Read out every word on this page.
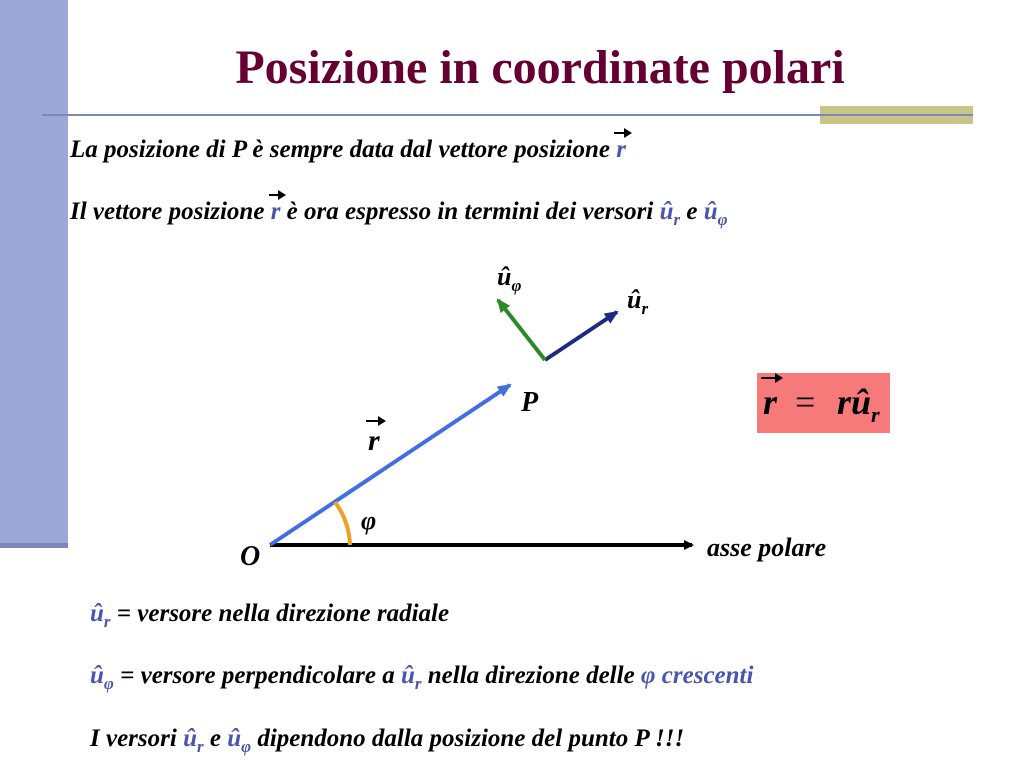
Posizione in coordinate polari
La posizione di P è sempre data dal vettore posizione r
Il vettore posizione r è ora espresso in termini dei versori $û_r$ e $û_\varphi$
$û_\varphi$	$û_r$
P
r
φ
O	asse polare
$r = rû_r$
$û_r$ = versore nella direzione radiale
$û_\varphi$ = versore perpendicolare a $û_r$ nella direzione delle φ crescenti
I versori $û_r$ e $û_\varphi$ dipendono dalla posizione del punto P !!!
